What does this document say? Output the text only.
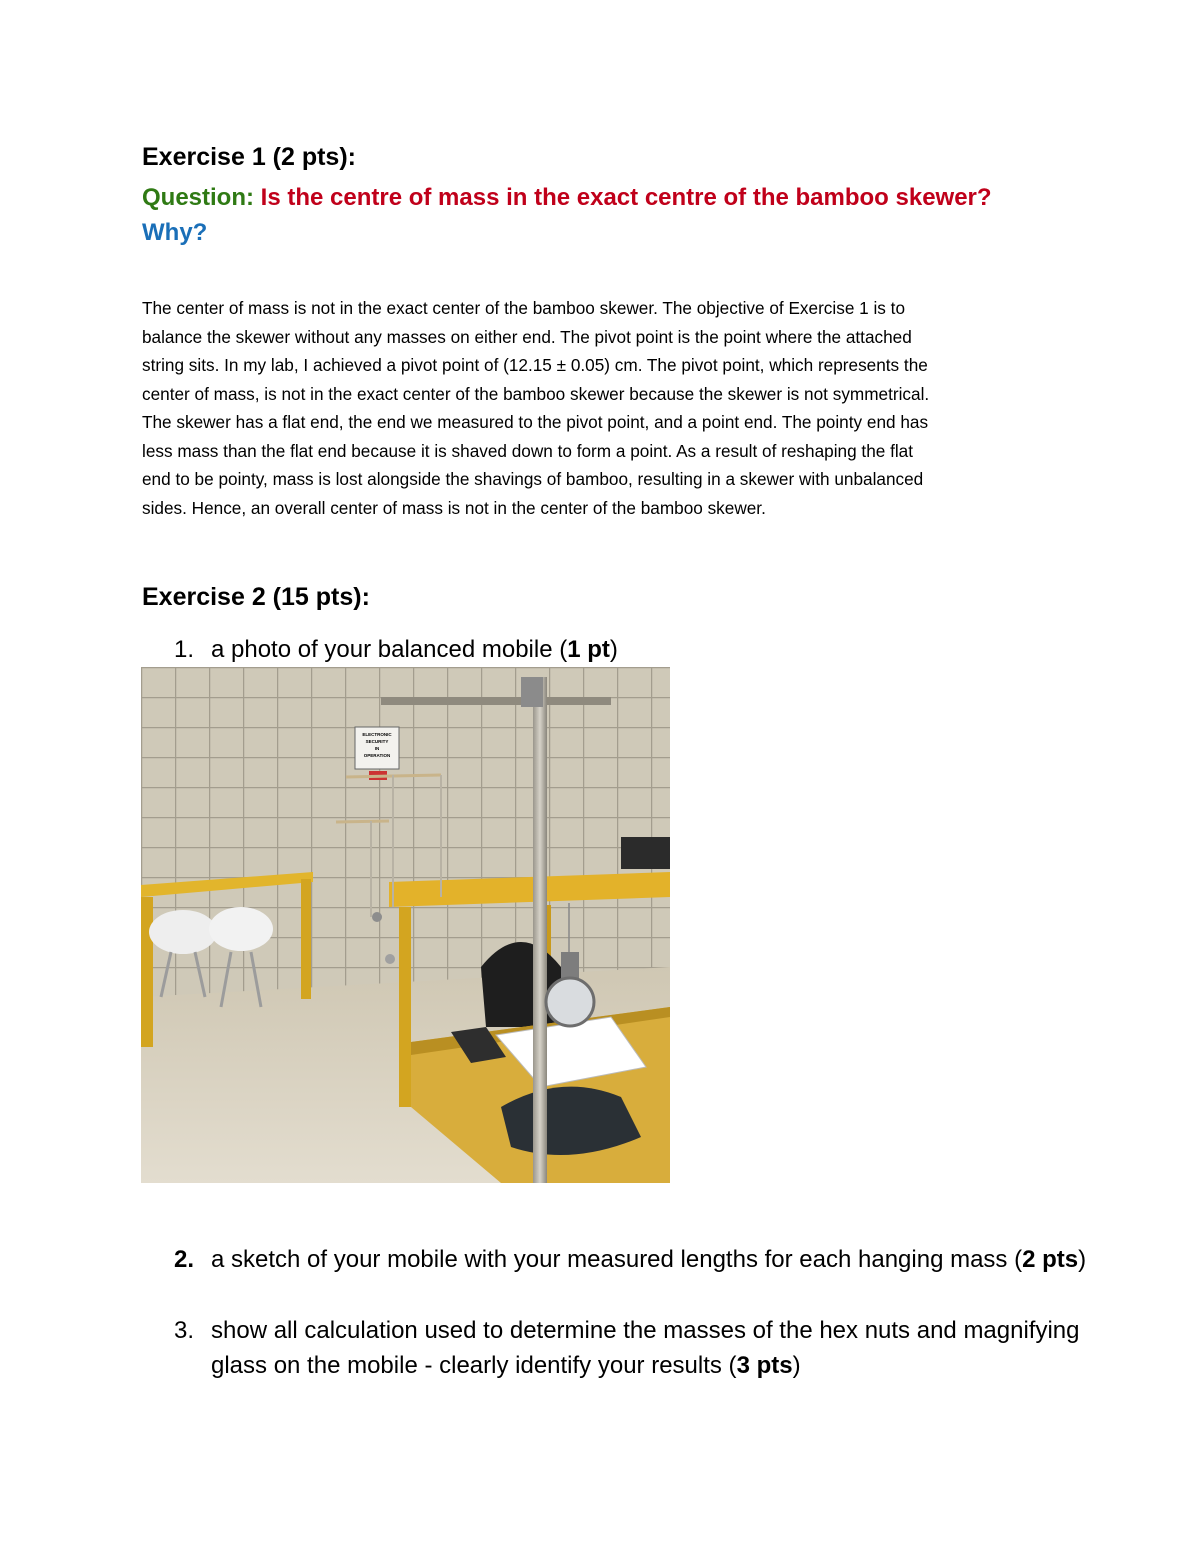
Exercise 1 (2 pts):
Question: Is the centre of mass in the exact centre of the bamboo skewer?
Why?

The center of mass is not in the exact center of the bamboo skewer. The objective of Exercise 1 is to

balance the skewer without any masses on either end. The pivot point is the point where the attached

string sits. In my lab, I achieved a pivot point of (12.15 ± 0.05) cm. The pivot point, which represents the

center of mass, is not in the exact center of the bamboo skewer because the skewer is not symmetrical.

The skewer has a flat end, the end we measured to the pivot point, and a point end. The pointy end has

less mass than the flat end because it is shaved down to form a point. As a result of reshaping the flat

end to be pointy, mass is lost alongside the shavings of bamboo, resulting in a skewer with unbalanced

sides. Hence, an overall center of mass is not in the center of the bamboo skewer.

Exercise 2 (15 pts):
1. a photo of your balanced mobile (1 pt)
ELECTRONIC
SECURITY
IN
OPERATION
2. a sketch of your mobile with your measured lengths for each hanging mass (2 pts)
3. show all calculation used to determine the masses of the hex nuts and magnifying glass on the mobile - clearly identify your results (3 pts)
